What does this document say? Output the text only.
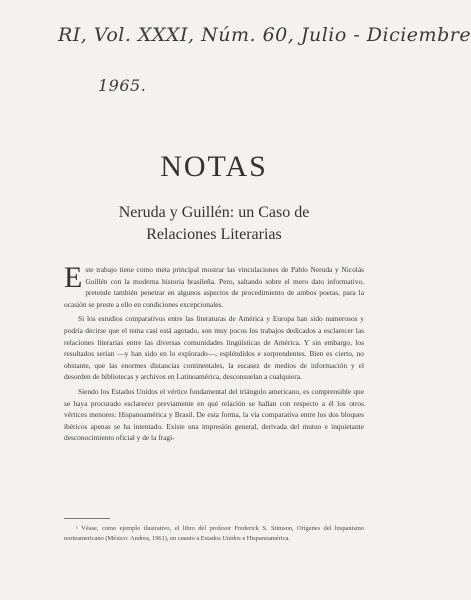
RI, Vol. XXXI, Núm. 60, Julio - Diciembre
1965.
NOTAS
Neruda y Guillén: un Caso de
Relaciones Literarias

Este trabajo tiene como meta principal mostrar las vinculaciones de Pablo Neruda y Nicolás Guillén con la moderna historia brasileña. Pero, saltando sobre el mero dato informativo, pretende también penetrar en algunos aspectos de procedimiento de ambos poetas, para la ocasión se preste a ello en condiciones excepcionales.

Si los estudios comparativos entre las literaturas de América y Europa han sido numerosos y podría decirse que el tema casi está agotado, son muy pocos los trabajos dedicados a esclarecer las relaciones literarias entre las diversas comunidades lingüísticas de América. Y sin embargo, los resultados serían —y han sido en lo explorado—, espléndidos e sorprendentes. Bien es cierto, no obstante, que las enormes distancias continentales, la escasez de medios de información y el desorden de bibliotecas y archivos en Latinoamérica, desconsuelan a cualquiera.

Siendo los Estados Unidos el vértice fundamental del triángulo americano, es comprensible que se haya procurado esclarecer previamente en qué relación se hallan con respecto a él los otros vértices menores: Hispanoamérica y Brasil. De esta forma, la vía comparativa entre los dos bloques ibéricos apenas se ha intentado. Existe una impresión general, derivada del mutuo e inquietante desconocimiento oficial y de la fragi-

¹ Véase, como ejemplo ilustrativo, el libro del profesor Frederick S. Stimson, Orígenes del hispanismo norteamericano (México: Andrea, 1961), en cuanto a Estados Unidos e Hispanoamérica.
